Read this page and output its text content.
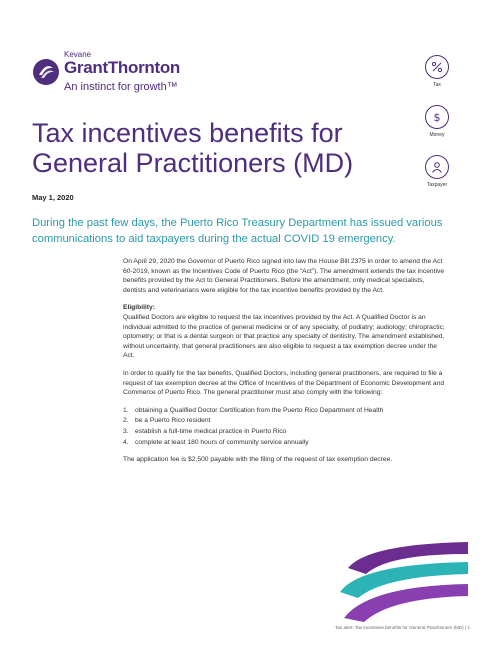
Kevane
GrantThornton
An instinct for growth™	Tax
$
Money
Taxpayer
Tax incentives benefits for General Practitioners (MD)
May 1, 2020
During the past few days, the Puerto Rico Treasury Department has issued various communications to aid taxpayers during the actual COVID 19 emergency.

On April 29, 2020 the Governor of Puerto Rico signed into law the House Bill 2375 in order to amend the Act 60-2019, known as the Incentives Code of Puerto Rico (the “Act”). The amendment extends the tax incentive benefits provided by the Act to General Practitioners. Before the amendment, only medical specialists, dentists and veterinarians were eligible for the tax incentive benefits provided by the Act.

Eligibility:

Qualified Doctors are eligible to request the tax incentives provided by the Act. A Qualified Doctor is an individual admitted to the practice of general medicine or of any specialty, of podiatry; audiology; chiropractic; optometry; or that is a dental surgeon or that practice any specialty of dentistry. The amendment established, without uncertainty, that general practitioners are also eligible to request a tax exemption decree under the Act.

In order to qualify for the tax benefits, Qualified Doctors, including general practitioners, are required to file a request of tax exemption decree at the Office of Incentives of the Department of Economic Development and Commerce of Puerto Rico. The general practitioner must also comply with the following:

1. obtaining a Qualified Doctor Certification from the Puerto Rico Department of Health
2. be a Puerto Rico resident
3. establish a full-time medical practice in Puerto Rico
4. complete at least 180 hours of community service annually

The application fee is $2,500 payable with the filing of the request of tax exemption decree.

Tax alert: Tax incentives benefits for General Practitioners (MD) | 1
